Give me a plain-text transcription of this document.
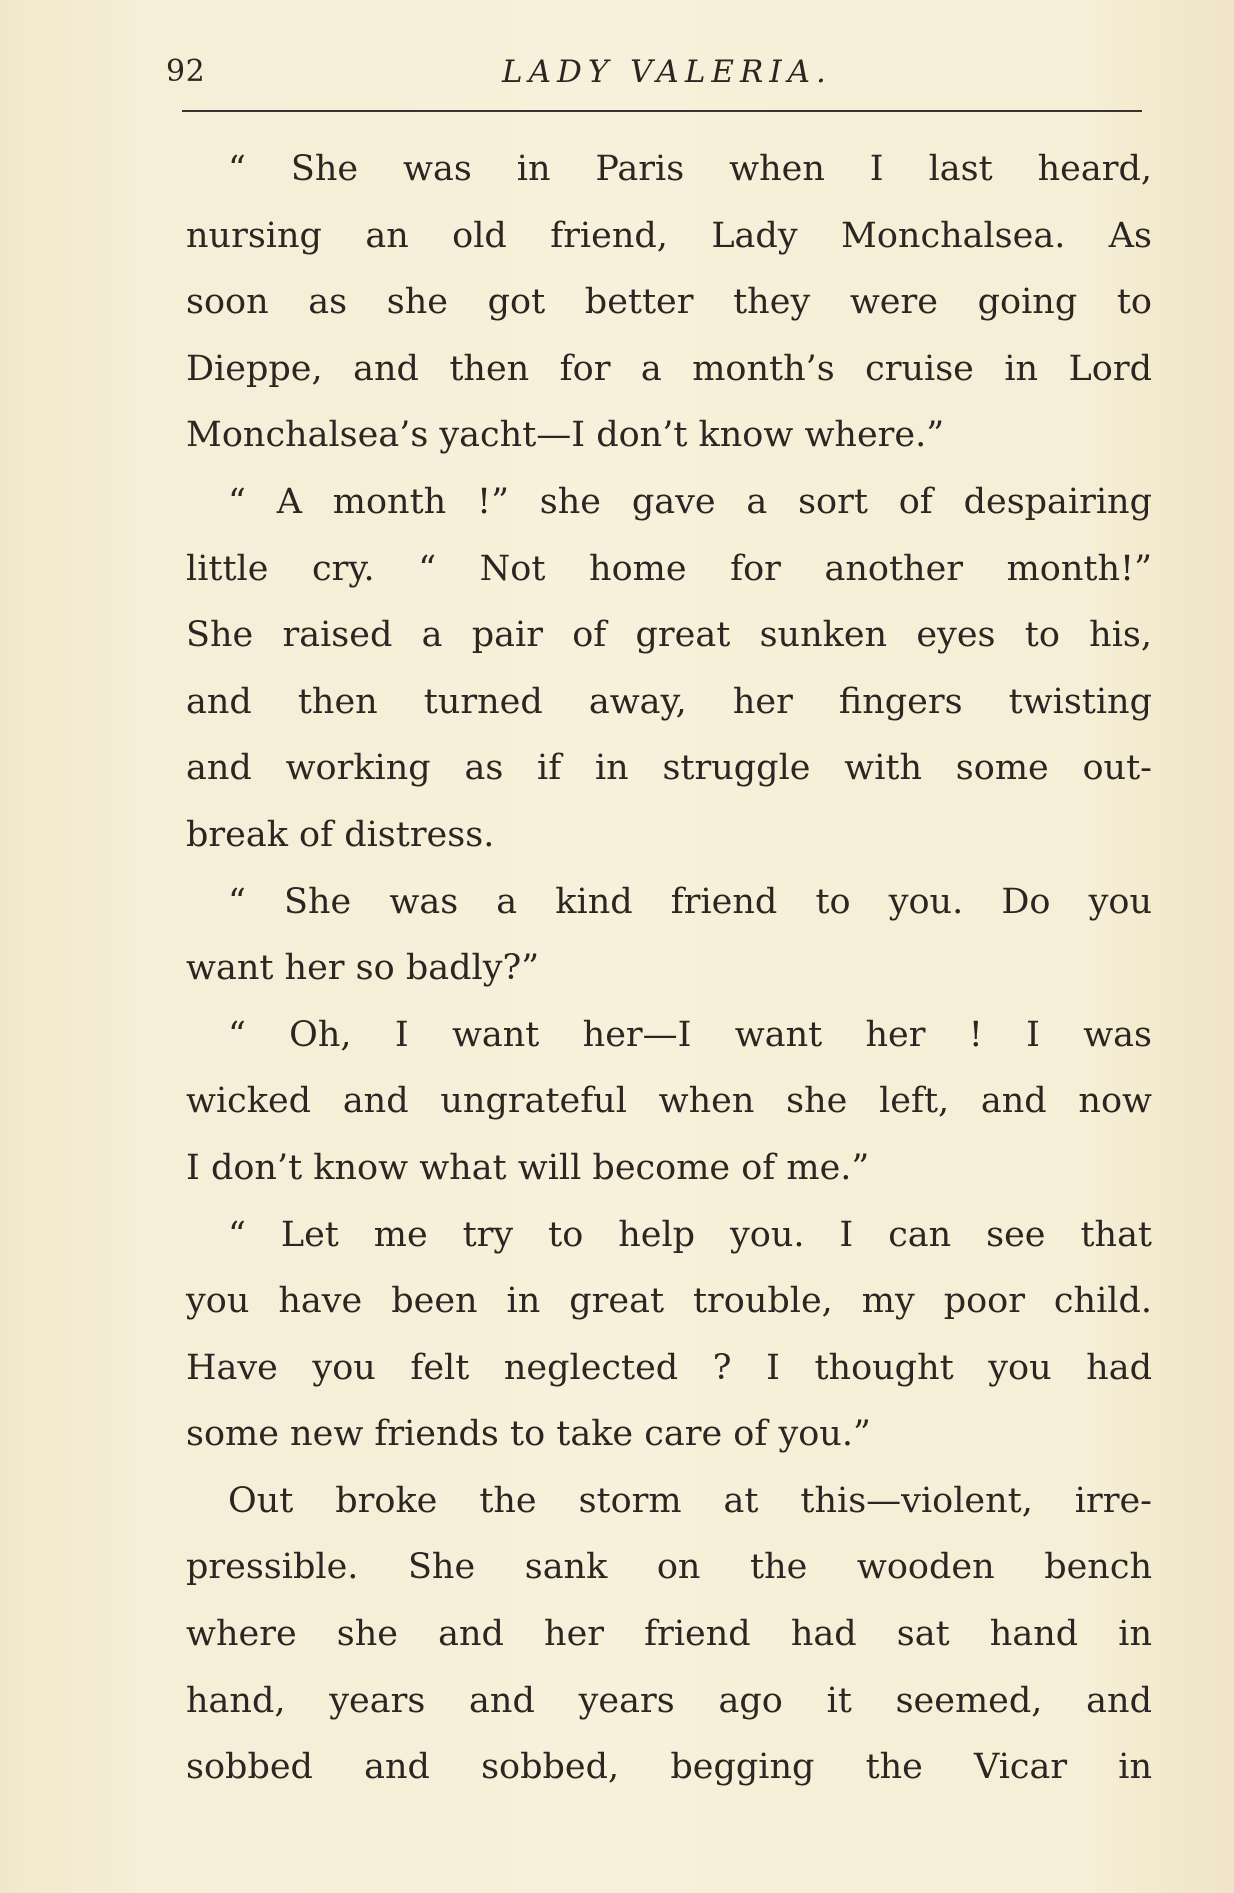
92	LADY VALERIA.
“ She was in Paris when I last heard,
nursing an old friend, Lady Monchalsea. As
soon as she got better they were going to
Dieppe, and then for a month’s cruise in Lord
Monchalsea’s yacht—I don’t know where.”
“ A month !” she gave a sort of despairing
little cry. “ Not home for another month!”
She raised a pair of great sunken eyes to his,
and then turned away, her fingers twisting
and working as if in struggle with some out-
break of distress.
“ She was a kind friend to you. Do you
want her so badly?”
“ Oh, I want her—I want her ! I was
wicked and ungrateful when she left, and now
I don’t know what will become of me.”
“ Let me try to help you. I can see that
you have been in great trouble, my poor child.
Have you felt neglected ? I thought you had
some new friends to take care of you.”
Out broke the storm at this—violent, irre-
pressible. She sank on the wooden bench
where she and her friend had sat hand in
hand, years and years ago it seemed, and
sobbed and sobbed, begging the Vicar in
